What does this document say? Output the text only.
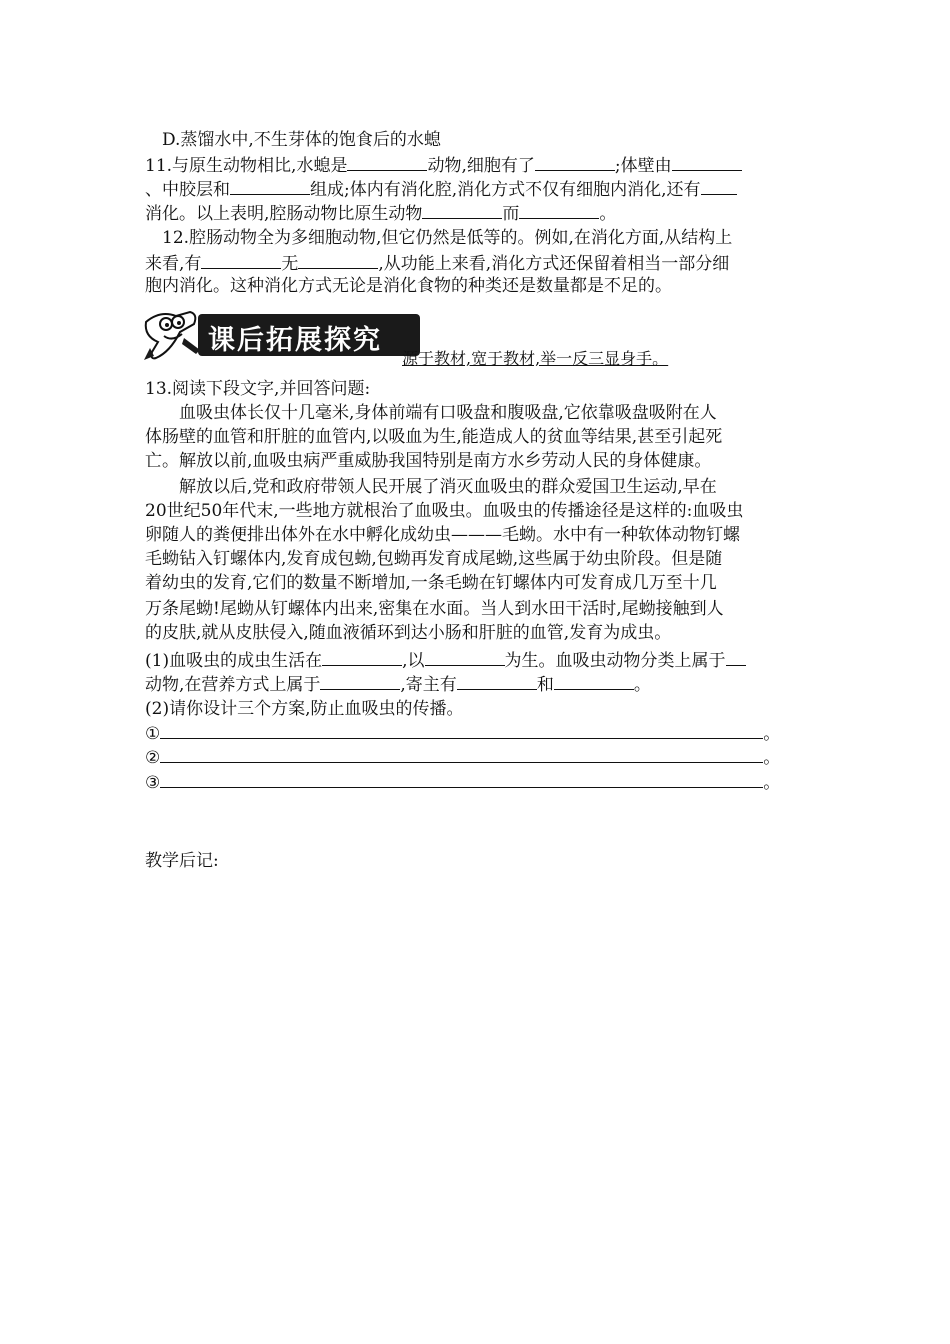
D.蒸馏水中,不生芽体的饱食后的水螅
11.与原生动物相比,水螅是	动物,细胞有了	;体壁由
、中胶层和	组成;体内有消化腔,消化方式不仅有细胞内消化,还有
消化。以上表明,腔肠动物比原生动物	而	。
12.腔肠动物全为多细胞动物,但它仍然是低等的。例如,在消化方面,从结构上
来看,有	无	,从功能上来看,消化方式还保留着相当一部分细
胞内消化。这种消化方式无论是消化食物的种类还是数量都是不足的。
课后拓展探究
源于教材,宽于教材,举一反三显身手。
13.阅读下段文字,并回答问题:
　　血吸虫体长仅十几毫米,身体前端有口吸盘和腹吸盘,它依靠吸盘吸附在人
体肠壁的血管和肝脏的血管内,以吸血为生,能造成人的贫血等结果,甚至引起死
亡。解放以前,血吸虫病严重威胁我国特别是南方水乡劳动人民的身体健康。
　　解放以后,党和政府带领人民开展了消灭血吸虫的群众爱国卫生运动,早在
20世纪50年代末,一些地方就根治了血吸虫。血吸虫的传播途径是这样的:血吸虫
卵随人的粪便排出体外在水中孵化成幼虫———毛蚴。水中有一种软体动物钉螺
毛蚴钻入钉螺体内,发育成包蚴,包蚴再发育成尾蚴,这些属于幼虫阶段。但是随
着幼虫的发育,它们的数量不断增加,一条毛蚴在钉螺体内可发育成几万至十几
万条尾蚴!尾蚴从钉螺体内出来,密集在水面。当人到水田干活时,尾蚴接触到人
的皮肤,就从皮肤侵入,随血液循环到达小肠和肝脏的血管,发育为成虫。
(1)血吸虫的成虫生活在	,以	为生。血吸虫动物分类上属于
动物,在营养方式上属于	,寄主有	和	。
(2)请你设计三个方案,防止血吸虫的传播。
①	。
②	。
③	。
教学后记:
